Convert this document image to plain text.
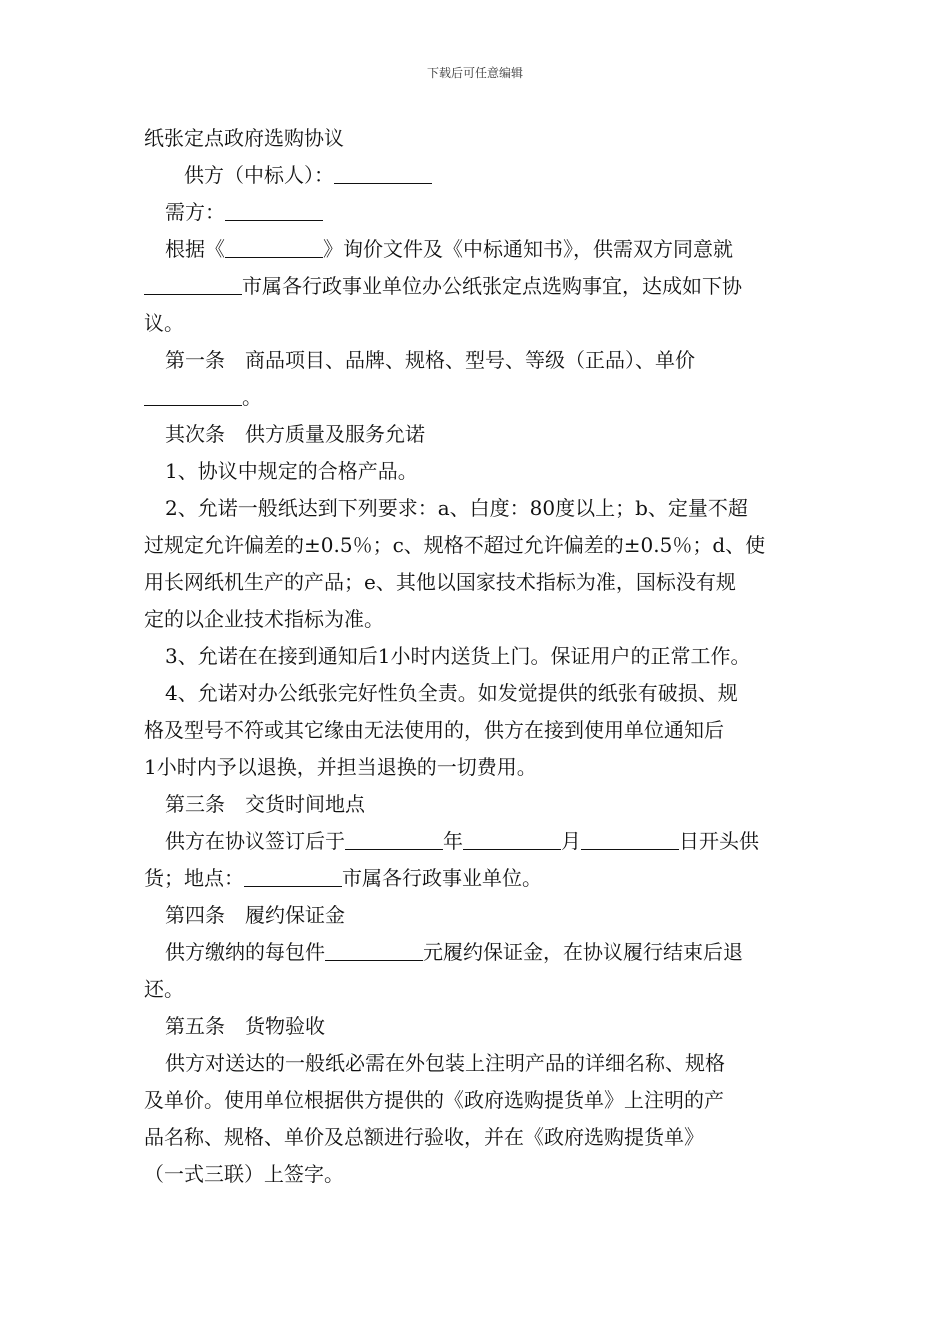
下载后可任意编辑
纸张定点政府选购协议
供方（中标人）：
需方：
根据《	》询价文件及《中标通知书》，供需双方同意就
市属各行政事业单位办公纸张定点选购事宜，达成如下协
议。
第一条 商品项目、品牌、规格、型号、等级（正品）、单价
。
其次条 供方质量及服务允诺
1、协议中规定的合格产品。
2、允诺一般纸达到下列要求：a、白度：80度以上；b、定量不超
过规定允许偏差的±0.5％；c、规格不超过允许偏差的±0.5％；d、使
用长网纸机生产的产品；e、其他以国家技术指标为准，国标没有规
定的以企业技术指标为准。
3、允诺在在接到通知后1小时内送货上门。保证用户的正常工作。
4、允诺对办公纸张完好性负全责。如发觉提供的纸张有破损、规
格及型号不符或其它缘由无法使用的，供方在接到使用单位通知后
1小时内予以退换，并担当退换的一切费用。
第三条 交货时间地点
供方在协议签订后于	年	月	日开头供
货；地点：	市属各行政事业单位。
第四条 履约保证金
供方缴纳的每包件	元履约保证金，在协议履行结束后退
还。
第五条 货物验收
供方对送达的一般纸必需在外包装上注明产品的详细名称、规格
及单价。使用单位根据供方提供的《政府选购提货单》上注明的产
品名称、规格、单价及总额进行验收，并在《政府选购提货单》
（一式三联）上签字。
